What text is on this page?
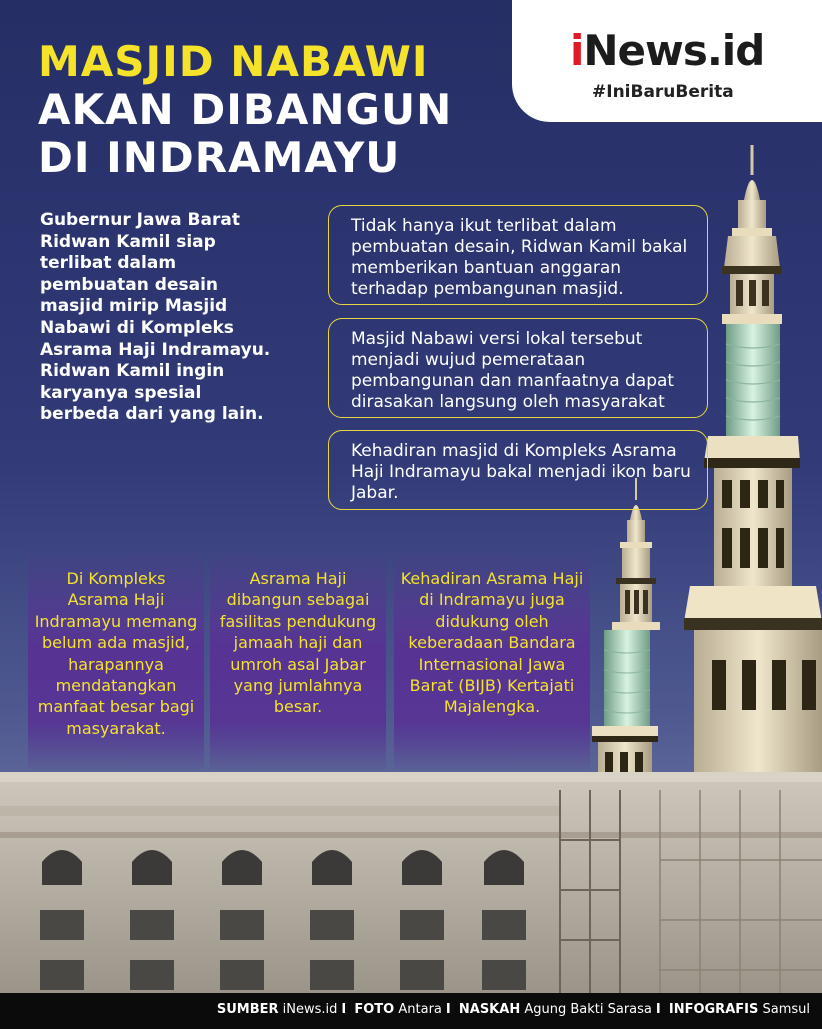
MASJID NABAWI
AKAN DIBANGUN
DI INDRAMAYU
iNews.id
#IniBaruBerita

Gubernur Jawa Barat Ridwan Kamil siap terlibat dalam pembuatan desain masjid mirip Masjid Nabawi di Kompleks Asrama Haji Indramayu. Ridwan Kamil ingin karyanya spesial berbeda dari yang lain.

Tidak hanya ikut terlibat dalam pembuatan desain, Ridwan Kamil bakal memberikan bantuan anggaran terhadap pembangunan masjid.
Masjid Nabawi versi lokal tersebut menjadi wujud pemerataan pembangunan dan manfaatnya dapat dirasakan langsung oleh masyarakat
Kehadiran masjid di Kompleks Asrama Haji Indramayu bakal menjadi ikon baru Jabar.
Di Kompleks Asrama Haji Indramayu memang belum ada masjid, harapannya mendatangkan manfaat besar bagi masyarakat.
Asrama Haji dibangun sebagai fasilitas pendukung jamaah haji dan umroh asal Jabar yang jumlahnya besar.
Kehadiran Asrama Haji di Indramayu juga didukung oleh keberadaan Bandara Internasional Jawa Barat (BIJB) Kertajati Majalengka.
SUMBER iNews.id I FOTO Antara I NASKAH Agung Bakti Sarasa I INFOGRAFIS Samsul
